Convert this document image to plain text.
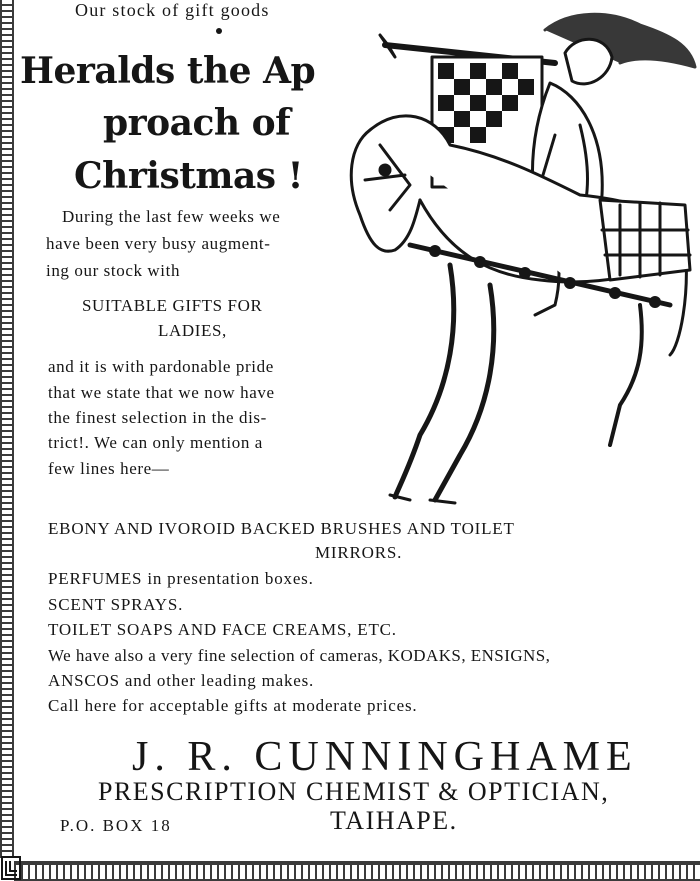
Our stock of gift goods
Heralds the Ap
proach of
Christmas !
During the last few weeks we
have been very busy augment-
ing our stock with
SUITABLE GIFTS FOR
LADIES,
and it is with pardonable pride
that we state that we now have
the finest selection in the dis-
trict!. We can only mention a
few lines here—
EBONY AND IVOROID BACKED BRUSHES AND TOILET
MIRRORS.
PERFUMES in presentation boxes.
SCENT SPRAYS.
TOILET SOAPS AND FACE CREAMS, ETC.
We have also a very fine selection of cameras, KODAKS, ENSIGNS,
ANSCOS and other leading makes.
Call here for acceptable gifts at moderate prices.
J. R. CUNNINGHAME
PRESCRIPTION CHEMIST & OPTICIAN,
P.O. BOX 18	TAIHAPE.
